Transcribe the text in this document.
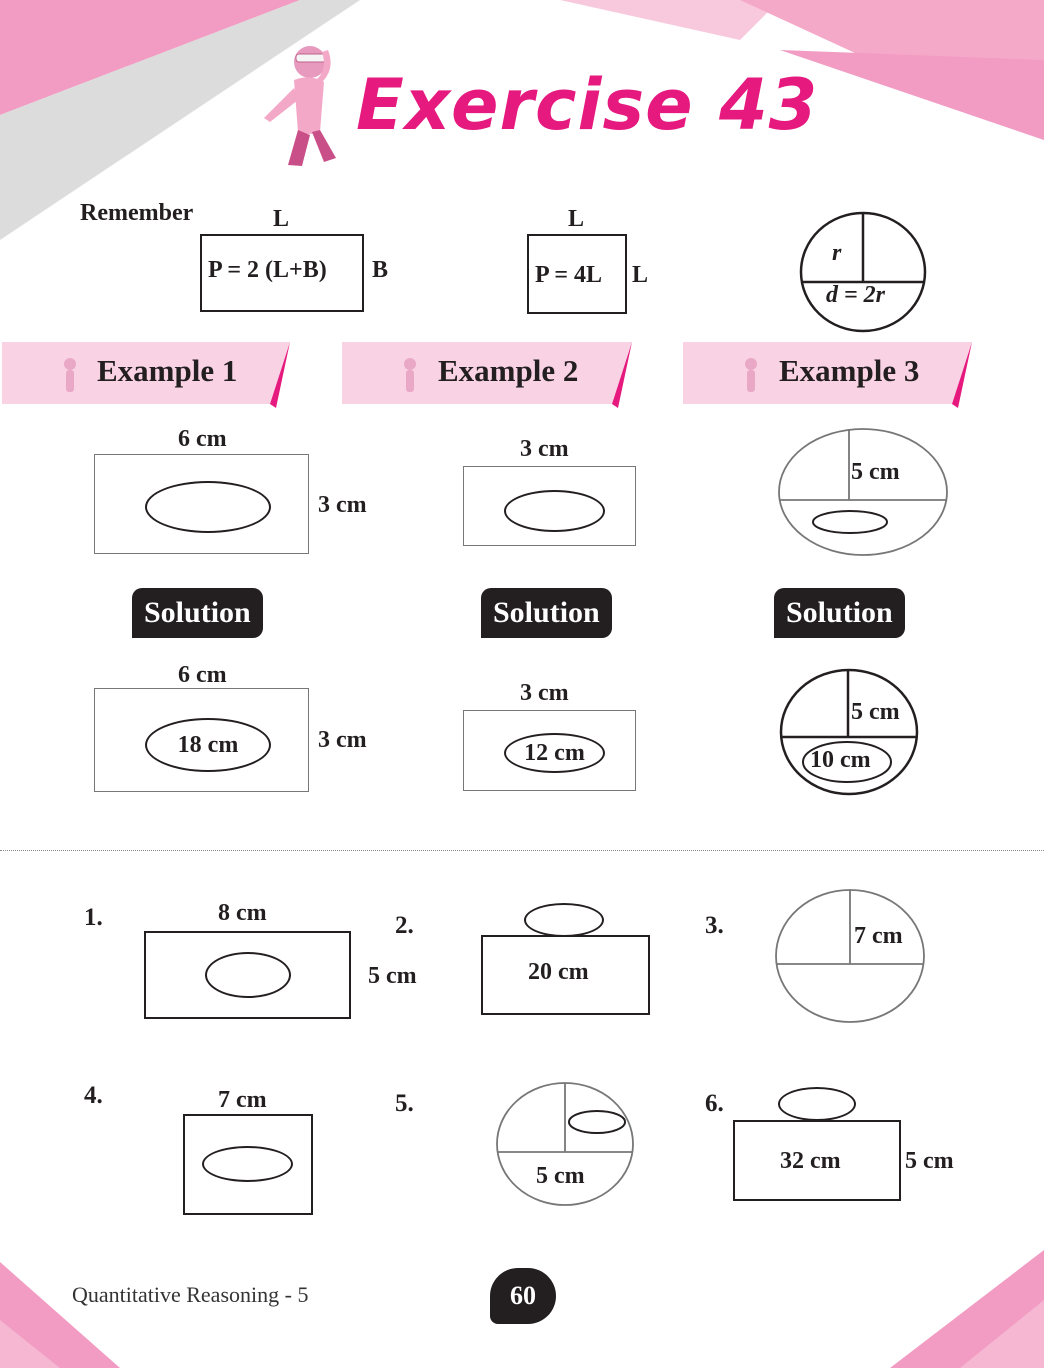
Exercise 43
Remember	L
P = 2 (L+B) B
L
P = 4L L
r
d = 2r
Example 1	Example 2	Example 3
6 cm
3 cm
3 cm
5 cm
Solution	Solution	Solution
6 cm
18 cm	3 cm
3 cm
12 cm
5 cm
10 cm
1.	8 cm
5 cm
2.
20 cm
3.	7 cm
4.	7 cm	5.
5 cm
6.
32 cm	5 cm
Quantitative Reasoning - 5	60
